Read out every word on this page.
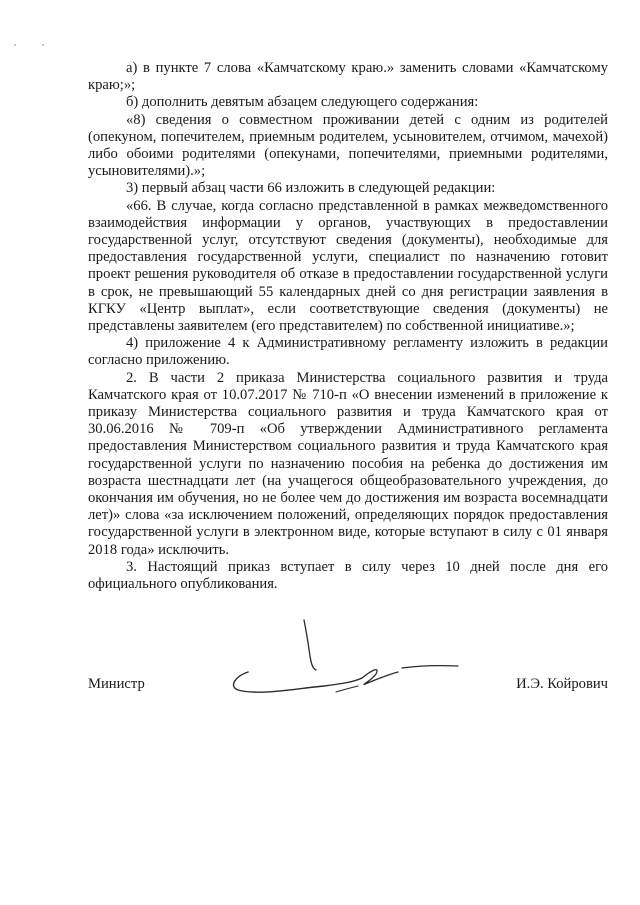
, ,

а) в пункте 7 слова «Камчатскому краю.» заменить словами «Камчатскому краю;»;

б) дополнить девятым абзацем следующего содержания:

«8) сведения о совместном проживании детей с одним из родителей (опекуном, попечителем, приемным родителем, усыновителем, отчимом, мачехой) либо обоими родителями (опекунами, попечителями, приемными родителями, усыновителями).»;

3) первый абзац части 66 изложить в следующей редакции:

«66. В случае, когда согласно представленной в рамках межведомственного взаимодействия информации у органов, участвующих в предоставлении государственной услуг, отсутствуют сведения (документы), необходимые для предоставления государственной услуги, специалист по назначению готовит проект решения руководителя об отказе в предоставлении государственной услуги в срок, не превышающий 55 календарных дней со дня регистрации заявления в КГКУ «Центр выплат», если соответствующие сведения (документы) не представлены заявителем (его представителем) по собственной инициативе.»;

4) приложение 4 к Административному регламенту изложить в редакции согласно приложению.

2. В части 2 приказа Министерства социального развития и труда Камчатского края от 10.07.2017 № 710-п «О внесении изменений в приложение к приказу Министерства социального развития и труда Камчатского края от 30.06.2016 № 709-п «Об утверждении Административного регламента предоставления Министерством социального развития и труда Камчатского края государственной услуги по назначению пособия на ребенка до достижения им возраста шестнадцати лет (на учащегося общеобразовательного учреждения, до окончания им обучения, но не более чем до достижения им возраста восемнадцати лет)» слова «за исключением положений, определяющих порядок предоставления государственной услуги в электронном виде, которые вступают в силу с 01 января 2018 года» исключить.

3. Настоящий приказ вступает в силу через 10 дней после дня его официального опубликования.

Министр	И.Э. Койрович
